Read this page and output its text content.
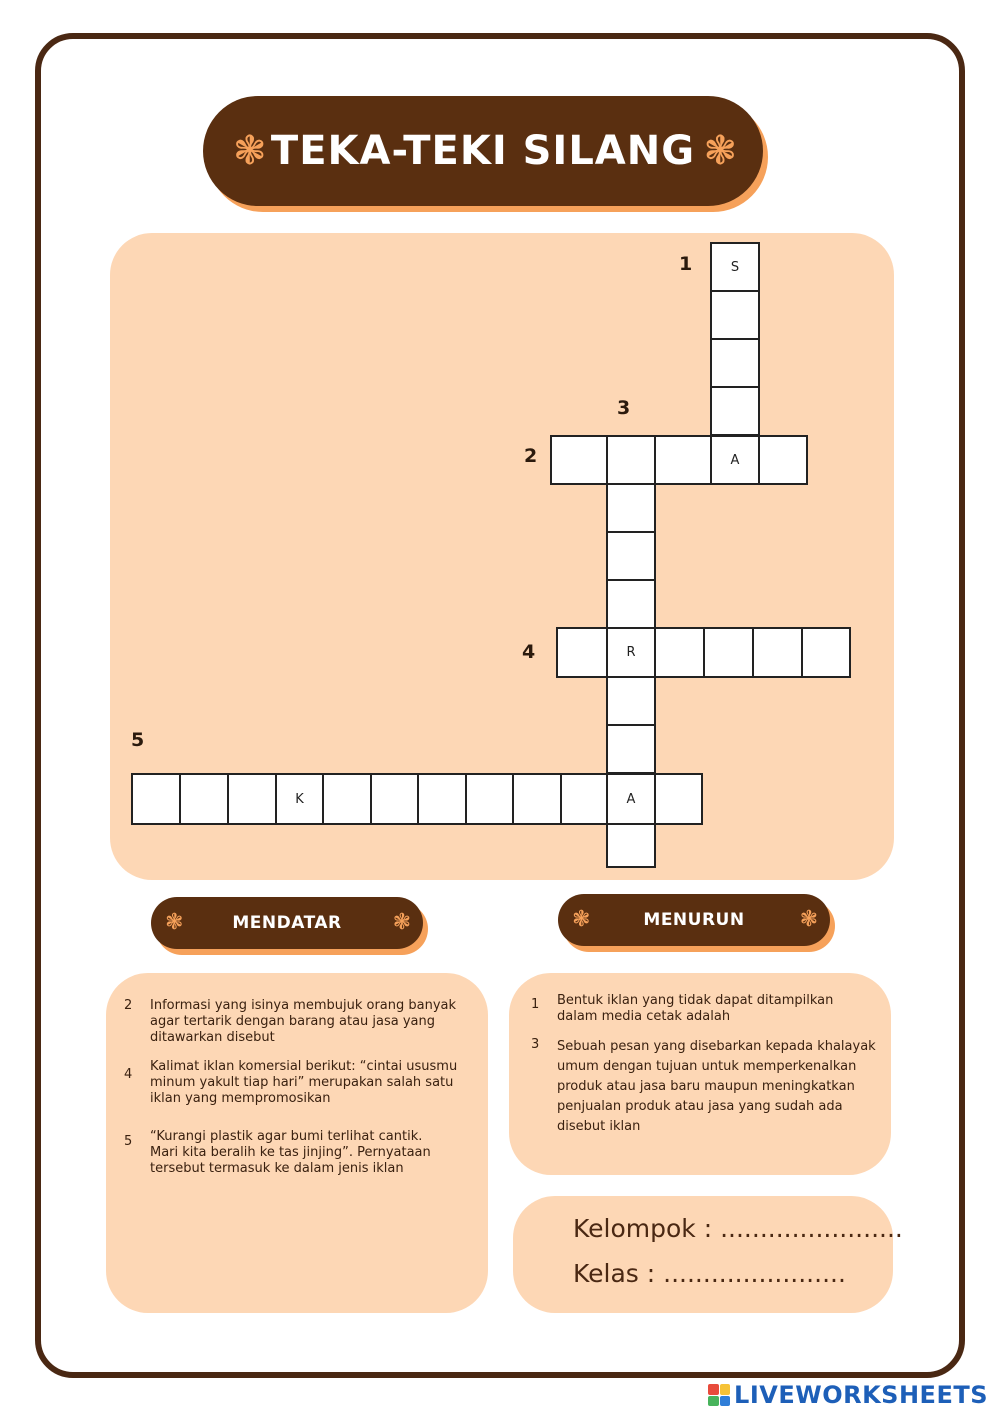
❃ TEKA-TEKI SILANG ❃
1
2
3
4
5
S
A
R
K	A
❃	MENDATAR ❃	❃	MENURUN ❃
2 Informasi yang isinya membujuk orang banyak agar tertarik dengan barang atau jasa yang ditawarkan disebut
4
Kalimat iklan komersial berikut: “cintai ususmu minum yakult tiap hari” merupakan salah satu iklan yang mempromosikan
5 “Kurangi plastik agar bumi terlihat cantik. Mari kita beralih ke tas jinjing”. Pernyataan tersebut termasuk ke dalam jenis iklan
1 Bentuk iklan yang tidak dapat ditampilkan dalam media cetak adalah
3 Sebuah pesan yang disebarkan kepada khalayak umum dengan tujuan untuk memperkenalkan produk atau jasa baru maupun meningkatkan penjualan produk atau jasa yang sudah ada disebut iklan
Kelompok : .......................
Kelas : .......................
LIVEWORKSHEETS
